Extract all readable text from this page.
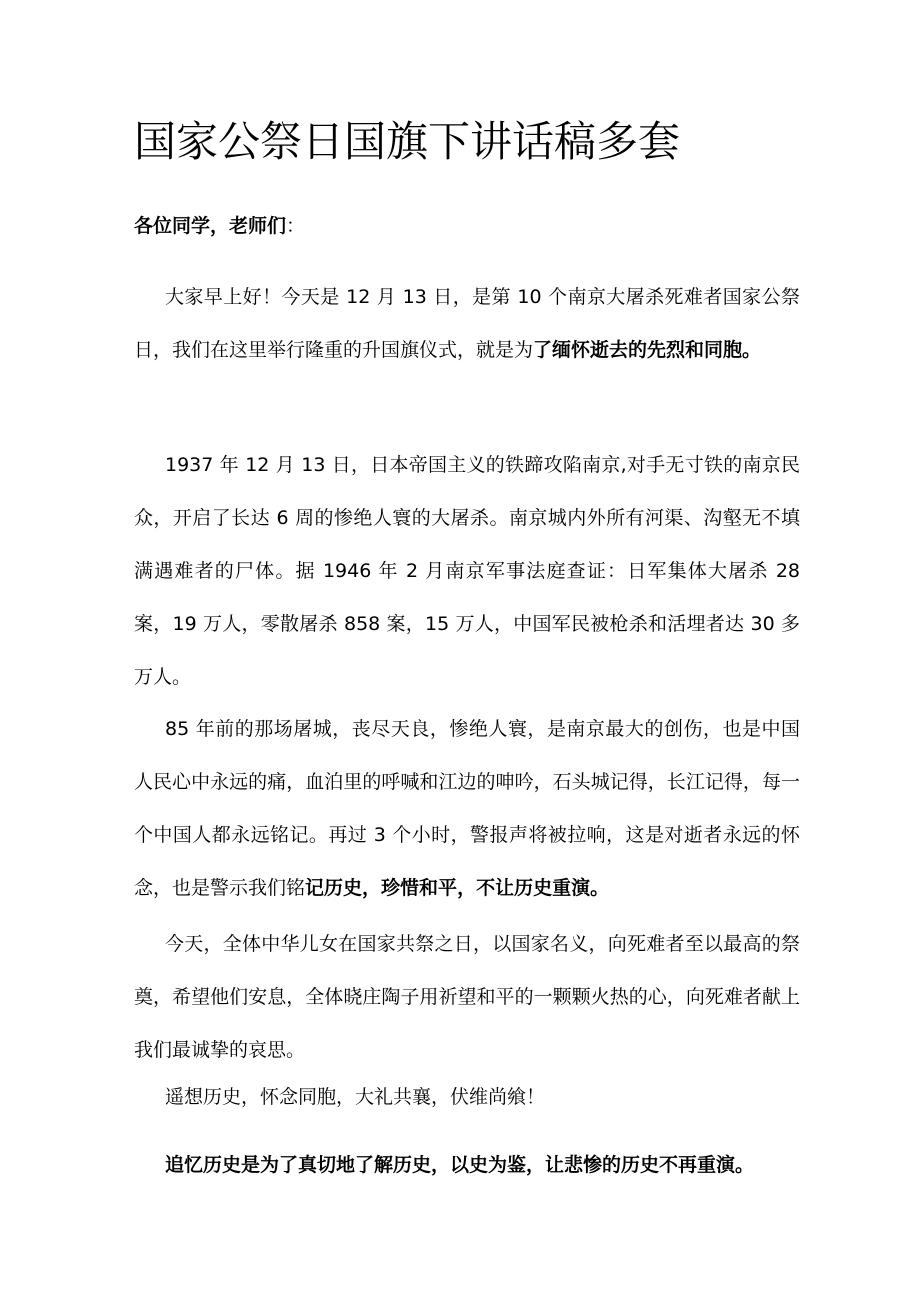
国家公祭日国旗下讲话稿多套

各位同学，老师们：

大家早上好！今天是 12 月 13 日，是第 10 个南京大屠杀死难者国家公祭日，我们在这里举行隆重的升国旗仪式，就是为了缅怀逝去的先烈和同胞。

1937 年 12 月 13 日，日本帝国主义的铁蹄攻陷南京,对手无寸铁的南京民众，开启了长达 6 周的惨绝人寰的大屠杀。南京城内外所有河渠、沟壑无不填满遇难者的尸体。据 1946 年 2 月南京军事法庭查证：日军集体大屠杀 28 案，19 万人，零散屠杀 858 案，15 万人，中国军民被枪杀和活埋者达 30 多万人。

85 年前的那场屠城，丧尽天良，惨绝人寰，是南京最大的创伤，也是中国人民心中永远的痛，血泊里的呼喊和江边的呻吟，石头城记得，长江记得，每一个中国人都永远铭记。再过 3 个小时，警报声将被拉响，这是对逝者永远的怀念，也是警示我们铭记历史，珍惜和平，不让历史重演。

今天，全体中华儿女在国家共祭之日，以国家名义，向死难者至以最高的祭奠，希望他们安息，全体晓庄陶子用祈望和平的一颗颗火热的心，向死难者献上我们最诚挚的哀思。

遥想历史，怀念同胞，大礼共襄，伏维尚飨！

追忆历史是为了真切地了解历史，以史为鉴，让悲惨的历史不再重演。
